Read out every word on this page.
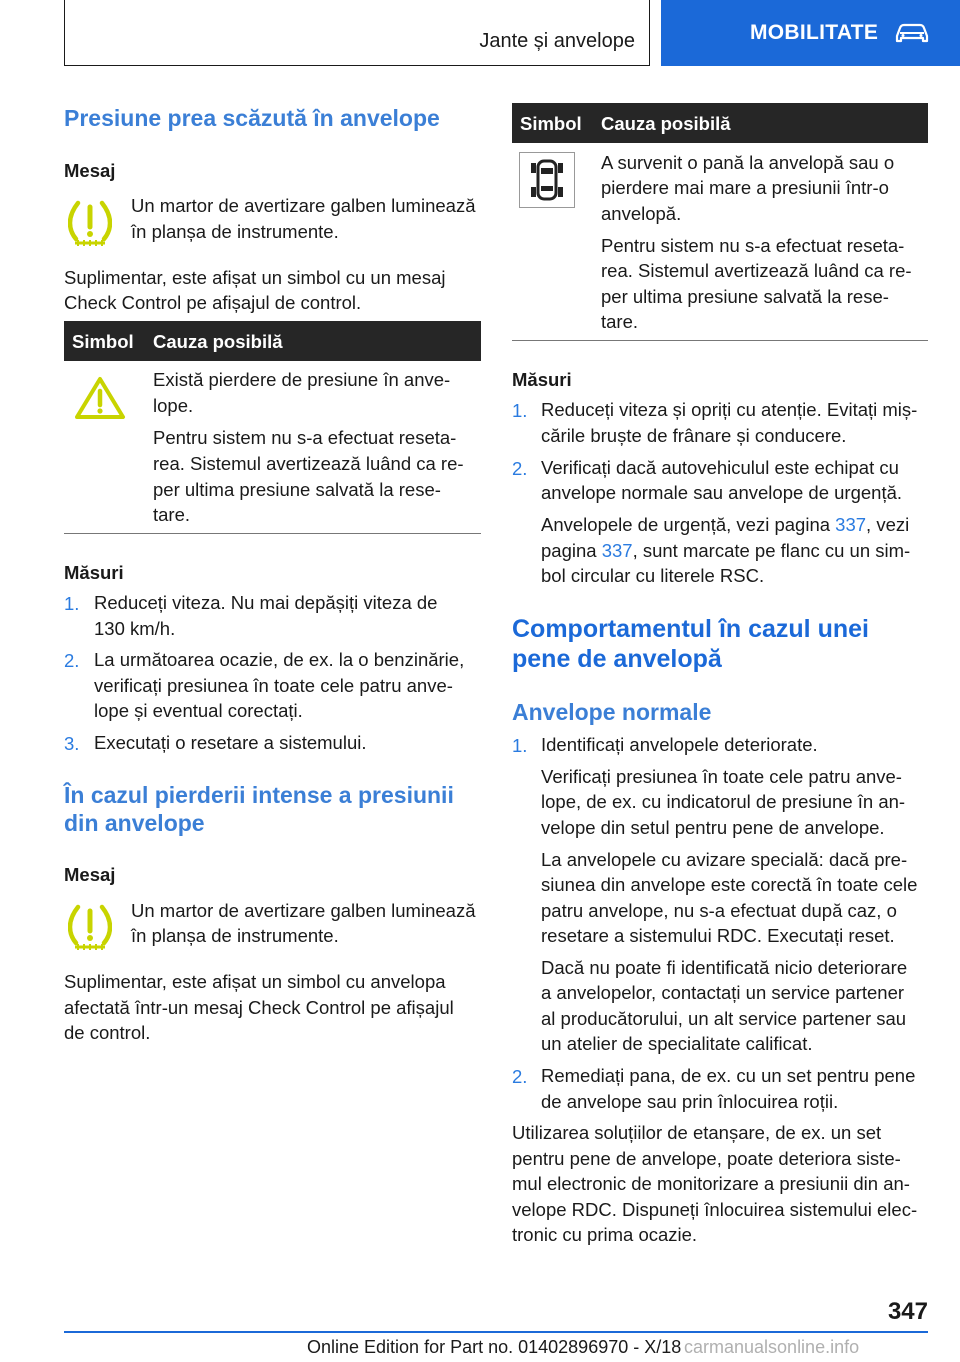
Jante și anvelope	MOBILITATE
Presiune prea scăzută în anvelope
Mesaj
Un martor de avertizare galben luminează
în planșa de instrumente.
Suplimentar, este afișat un simbol cu un mesaj
Check Control pe afișajul de control.
Simbol Cauza posibilă
Există pierdere de presiune în anve-
lope.
Pentru sistem nu s-a efectuat reseta-
rea. Sistemul avertizează luând ca re-
per ultima presiune salvată la rese-
tare.
Măsuri
1. Reduceți viteza. Nu mai depășiți viteza de
130 km/h.
2. La următoarea ocazie, de ex. la o benzinărie,
verificați presiunea în toate cele patru anve-
lope și eventual corectați.
3. Executați o resetare a sistemului.
În cazul pierderii intense a presiunii
din anvelope
Mesaj
Un martor de avertizare galben luminează
în planșa de instrumente.
Suplimentar, este afișat un simbol cu anvelopa
afectată într-un mesaj Check Control pe afișajul
de control.
Simbol Cauza posibilă
A survenit o pană la anvelopă sau o
pierdere mai mare a presiunii într-o
anvelopă.
Pentru sistem nu s-a efectuat reseta-
rea. Sistemul avertizează luând ca re-
per ultima presiune salvată la rese-
tare.
Măsuri
1. Reduceți viteza și opriți cu atenție. Evitați miș-
cările bruște de frânare și conducere.
2. Verificați dacă autovehiculul este echipat cu
anvelope normale sau anvelope de urgență.
Anvelopele de urgență, vezi pagina 337, vezi
pagina 337, sunt marcate pe flanc cu un sim-
bol circular cu literele RSC.
Comportamentul în cazul unei
pene de anvelopă
Anvelope normale
1. Identificați anvelopele deteriorate.
Verificați presiunea în toate cele patru anve-
lope, de ex. cu indicatorul de presiune în an-
velope din setul pentru pene de anvelope.
La anvelopele cu avizare specială: dacă pre-
siunea din anvelope este corectă în toate cele
patru anvelope, nu s-a efectuat după caz, o
resetare a sistemului RDC. Executați reset.
Dacă nu poate fi identificată nicio deteriorare
a anvelopelor, contactați un service partener
al producătorului, un alt service partener sau
un atelier de specialitate calificat.
2. Remediați pana, de ex. cu un set pentru pene
de anvelope sau prin înlocuirea roții.
Utilizarea soluțiilor de etanșare, de ex. un set
pentru pene de anvelope, poate deteriora siste-
mul electronic de monitorizare a presiunii din an-
velope RDC. Dispuneți înlocuirea sistemului elec-
tronic cu prima ocazie.
347
Online Edition for Part no. 01402896970 - X/18 carmanualsonline.info
